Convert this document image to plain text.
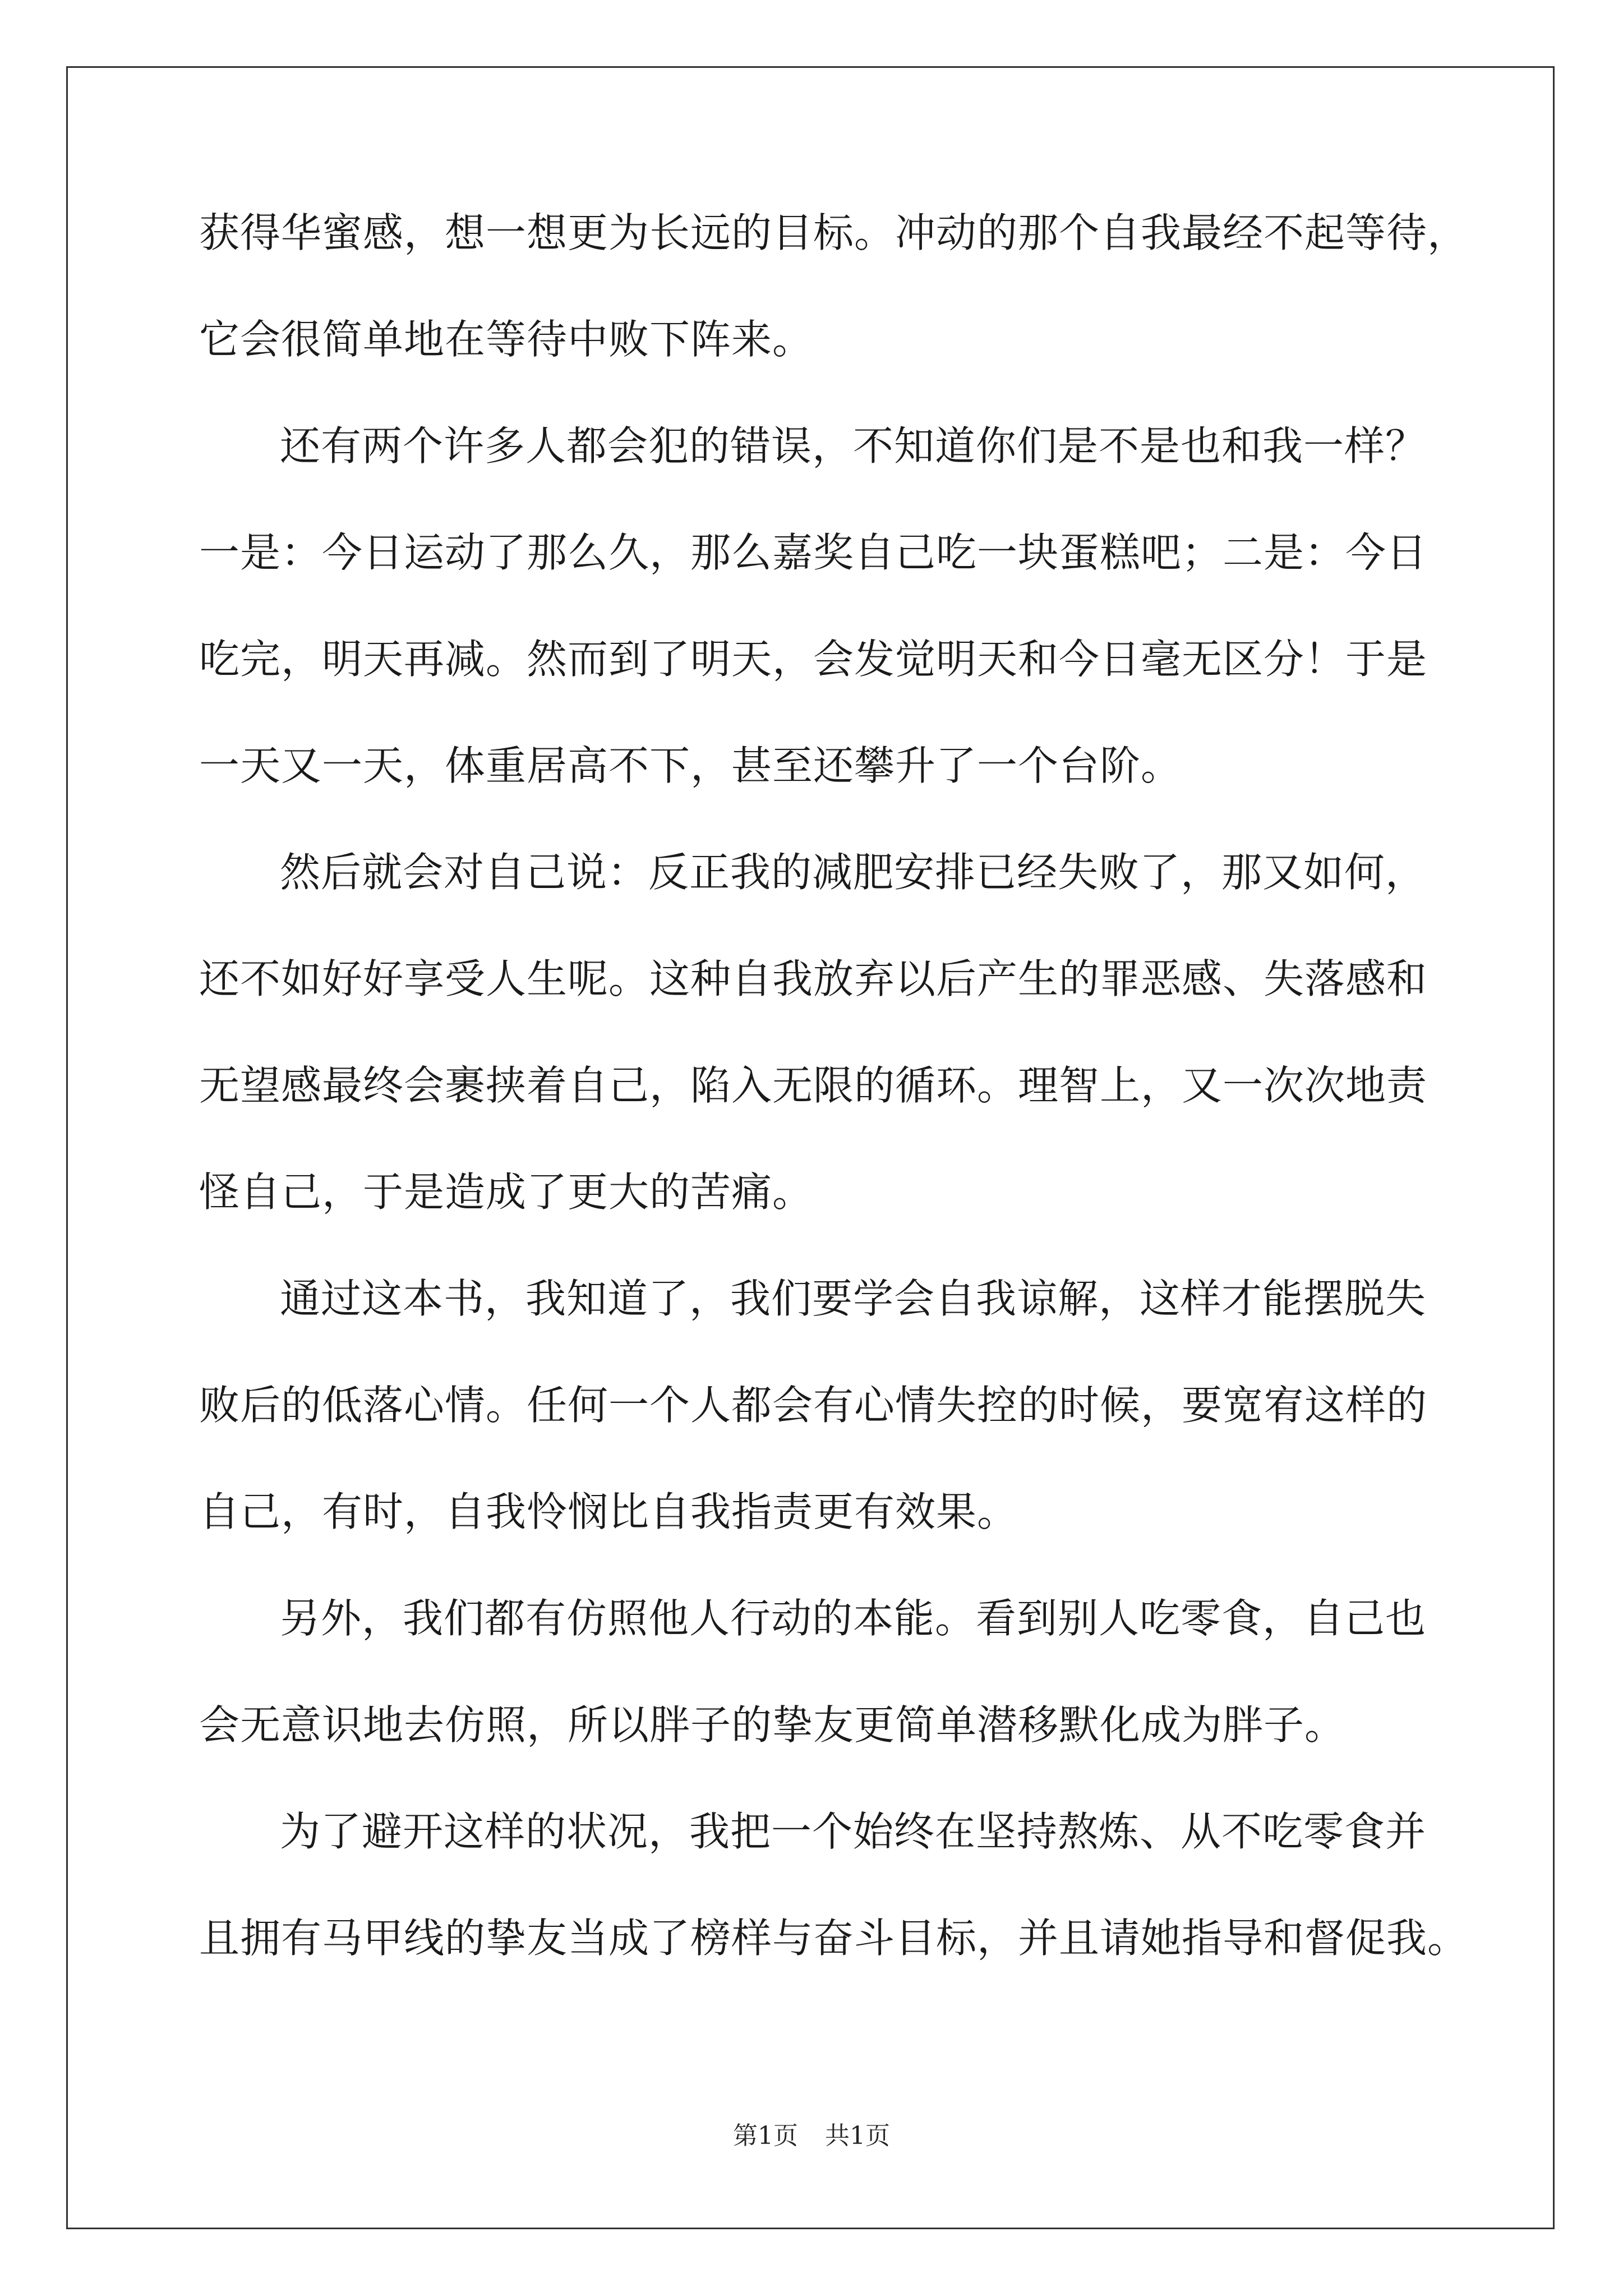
获得华蜜感，想一想更为长远的目标。冲动的那个自我最经不起等待，
它会很简单地在等待中败下阵来。
还有两个许多人都会犯的错误，不知道你们是不是也和我一样？
一是：今日运动了那么久，那么嘉奖自己吃一块蛋糕吧；二是：今日
吃完，明天再减。然而到了明天，会发觉明天和今日毫无区分！于是
一天又一天，体重居高不下，甚至还攀升了一个台阶。
然后就会对自己说：反正我的减肥安排已经失败了，那又如何，
还不如好好享受人生呢。这种自我放弃以后产生的罪恶感、失落感和
无望感最终会裹挟着自己，陷入无限的循环。理智上，又一次次地责
怪自己，于是造成了更大的苦痛。
通过这本书，我知道了，我们要学会自我谅解，这样才能摆脱失
败后的低落心情。任何一个人都会有心情失控的时候，要宽宥这样的
自己，有时，自我怜悯比自我指责更有效果。
另外，我们都有仿照他人行动的本能。看到别人吃零食，自己也
会无意识地去仿照，所以胖子的挚友更简单潜移默化成为胖子。
为了避开这样的状况，我把一个始终在坚持熬炼、从不吃零食并
且拥有马甲线的挚友当成了榜样与奋斗目标，并且请她指导和督促我。
第1页 共1页
